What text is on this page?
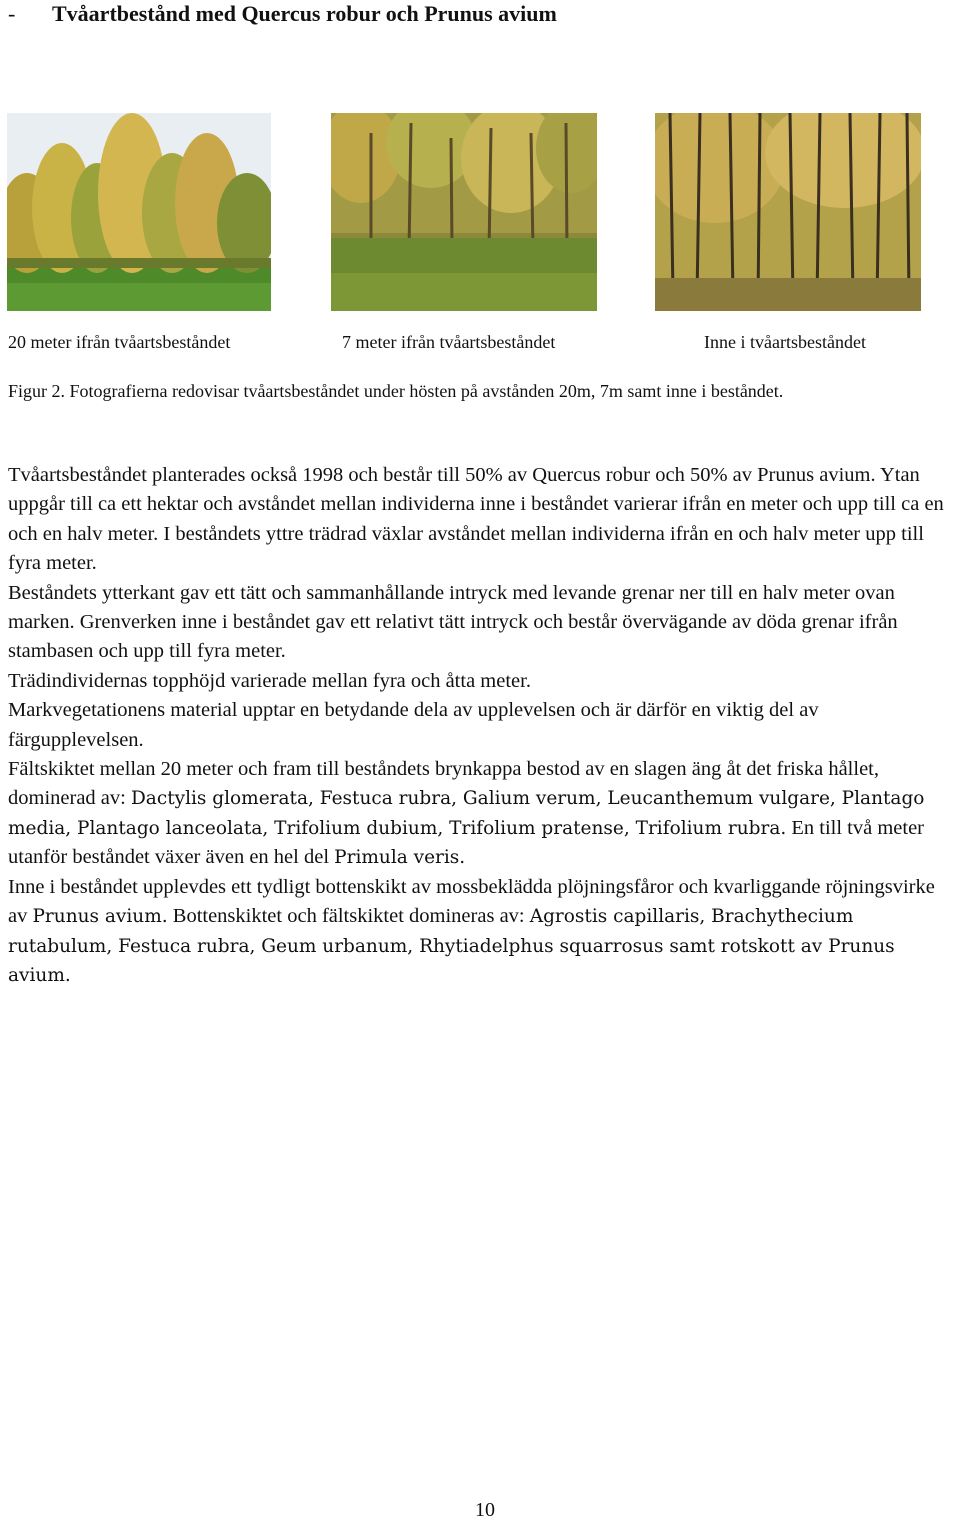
- Tvåartbestånd med Quercus robur och Prunus avium
20 meter ifrån tvåartsbeståndet	7 meter ifrån tvåartsbeståndet	Inne i tvåartsbeståndet
Figur 2. Fotografierna redovisar tvåartsbeståndet under hösten på avstånden 20m, 7m samt inne i beståndet.

Tvåartsbeståndet planterades också 1998 och består till 50% av Quercus robur och 50% av Prunus avium. Ytan uppgår till ca ett hektar och avståndet mellan individerna inne i beståndet varierar ifrån en meter och upp till ca en och en halv meter. I beståndets yttre trädrad växlar avståndet mellan individerna ifrån en och halv meter upp till fyra meter.

Beståndets ytterkant gav ett tätt och sammanhållande intryck med levande grenar ner till en halv meter ovan marken. Grenverken inne i beståndet gav ett relativt tätt intryck och består övervägande av döda grenar ifrån stambasen och upp till fyra meter.

Trädindividernas topphöjd varierade mellan fyra och åtta meter.

Markvegetationens material upptar en betydande dela av upplevelsen och är därför en viktig del av färgupplevelsen.

Fältskiktet mellan 20 meter och fram till beståndets brynkappa bestod av en slagen äng åt det friska hållet, dominerad av: Dactylis glomerata, Festuca rubra, Galium verum, Leucanthemum vulgare, Plantago media, Plantago lanceolata, Trifolium dubium, Trifolium pratense, Trifolium rubra. En till två meter utanför beståndet växer även en hel del Primula veris.

Inne i beståndet upplevdes ett tydligt bottenskikt av mossbeklädda plöjningsfåror och kvarliggande röjningsvirke av Prunus avium. Bottenskiktet och fältskiktet domineras av: Agrostis capillaris, Brachythecium rutabulum, Festuca rubra, Geum urbanum, Rhytiadelphus squarrosus samt rotskott av Prunus avium.

10
